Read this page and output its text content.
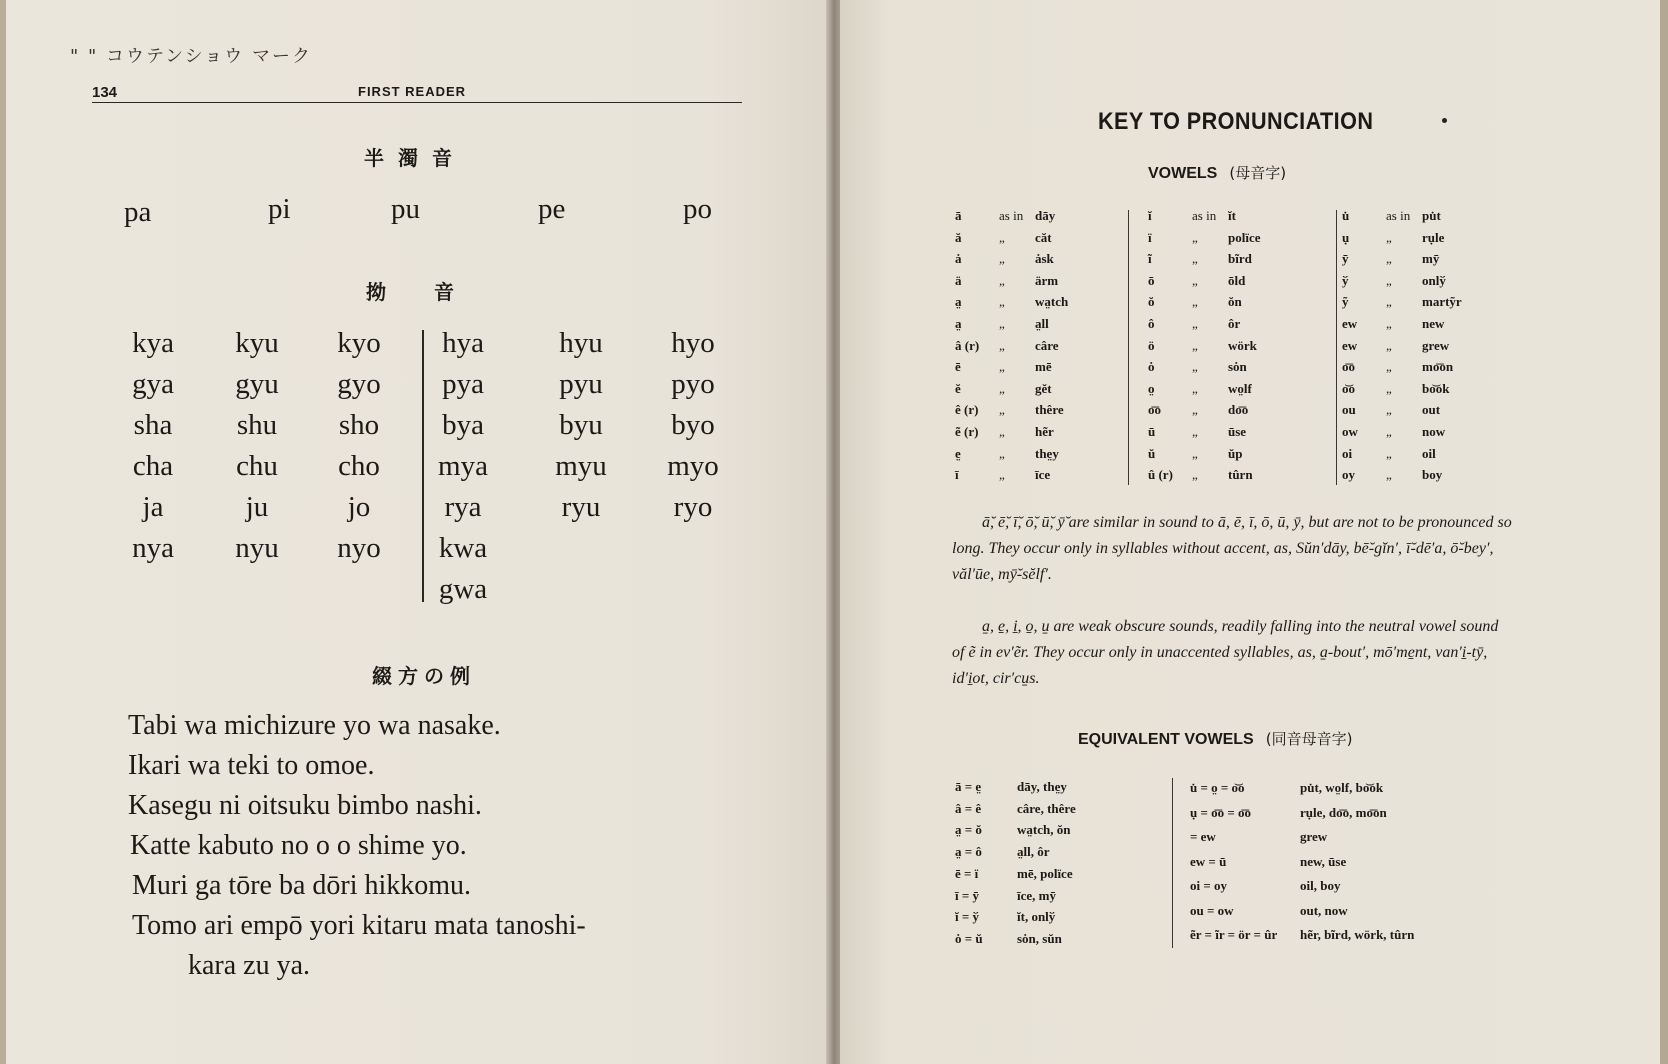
" " コウテンショウ マーク
134	FIRST READER
半濁音
pa	pi	pu	pe	po
拗　音
kya	kyu	kyo	hya	hyu	hyo
gya	gyu	gyo	pya	pyu	pyo
sha	shu	sho	bya	byu	byo
cha	chu	cho	mya	myu	myo
ja	ju	jo	rya	ryu	ryo
nya	nyu	nyo	kwa
gwa
綴方の例
Tabi wa michizure yo wa nasake.
Ikari wa teki to omoe.
Kasegu ni oitsuku bimbo nashi.
Katte kabuto no o o shime yo.
Muri ga tōre ba dōri hikkomu.
Tomo ari empō yori kitaru mata tanoshi-
kara zu ya.
KEY TO PRONUNCIATION
VOWELS (母音字)
ā	as in dāy
ă	„	căt
ȧ	„	ȧsk
ä	„	ärm
a̤	„	wa̤tch
a̤	„	a̤ll
â (r)	„	câre
ē	„	mē
ĕ	„	gĕt
ê (r)	„	thêre
ẽ (r)	„	hẽr
e̤	„	the̤y
ī	„	īce
ĭ	as in ĭt
ï	„	polïce
ĩ	„	bĩrd
ō	„	ōld
ŏ	„	ŏn
ô	„	ôr
ö	„	wörk
ȯ	„	sȯn
o̤	„	wo̤lf
o͞o	„	do͞o
ū	„	ūse
ŭ	„	ŭp
û (r)	„	tûrn
u̇	as in pu̇t
ụ	„	rụle
ȳ	„	mȳ
ў	„	onlў
ỹ	„	martỹr
ew	„	new
ew	„	grew
o͞o	„	mo͞on
o͝o	„	bo͝ok
ou	„	out
ow	„	now
oi	„	oil
oy	„	boy
ā̆, ē̆, ī̆, ō̆, ū̆, ȳ̆ are similar in sound to ā, ē, ī, ō, ū, ȳ, but are not to be pronounced so long. They occur only in syllables without accent, as, Sŭn′dāy, bē̆-gĭn′, ī̆-dē′a, ō̆-bey′, văl′ūe, mȳ̆-sĕlf′.
a̱, e̱, i̱, o̱, u̱ are weak obscure sounds, readily falling into the neutral vowel sound of ẽ in ev′ẽr. They occur only in unaccented syllables, as, a̱-bout′, mō′me̱nt, van′i̱-tȳ, id′i̱ot, cir′cu̱s.
EQUIVALENT VOWELS (同音母音字)
ā = e̤	dāy, the̤y
â = ê	câre, thêre
a̤ = ŏ	wa̤tch, ŏn
a̤ = ô	a̤ll, ôr
ē = ï	mē, polïce
ī = ȳ	īce, mȳ
ĭ = ў	ĭt, onlў
ȯ = ŭ	sȯn, sŭn
u̇ = o̤ = o͝o	pu̇t, wo̤lf, bo͝ok
ụ = o͞o = o͞o	rụle, do͞o, mo͞on
= ew	grew
ew = ū	new, ūse
oi = oy	oil, boy
ou = ow	out, now
ẽr = ĩr = ör = ûr	hẽr, bĩrd, wörk, tûrn
